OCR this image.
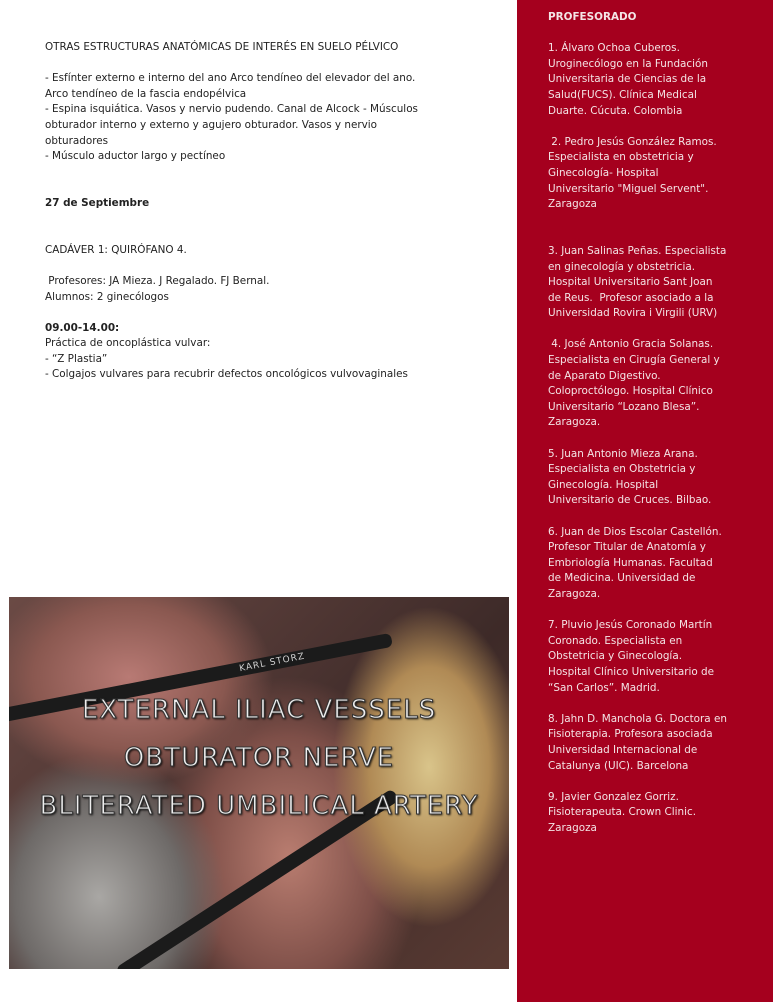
OTRAS ESTRUCTURAS ANATÓMICAS DE INTERÉS EN SUELO PÉLVICO
- Esfínter externo e interno del ano Arco tendíneo del elevador del ano.
Arco tendíneo de la fascia endopélvica
- Espina isquiática. Vasos y nervio pudendo. Canal de Alcock - Músculos
obturador interno y externo y agujero obturador. Vasos y nervio
obturadores
- Músculo aductor largo y pectíneo
27 de Septiembre
CADÁVER 1: QUIRÓFANO 4.
Profesores: JA Mieza. J Regalado. FJ Bernal.
Alumnos: 2 ginecólogos
09.00-14.00:
Práctica de oncoplástica vulvar:
- “Z Plastia”
- Colgajos vulvares para recubrir defectos oncológicos vulvovaginales
KARL STORZ
EXTERNAL ILIAC VESSELS
OBTURATOR NERVE
BLITERATED UMBILICAL ARTERY
PROFESORADO
1. Álvaro Ochoa Cuberos.
Uroginecólogo en la Fundación
Universitaria de Ciencias de la
Salud(FUCS). Clínica Medical
Duarte. Cúcuta. Colombia
2. Pedro Jesús González Ramos.
Especialista en obstetricia y
Ginecología- Hospital
Universitario "Miguel Servent".
Zaragoza
3. Juan Salinas Peñas. Especialista
en ginecología y obstetricia.
Hospital Universitario Sant Joan
de Reus.  Profesor asociado a la
Universidad Rovira i Virgili (URV)
4. José Antonio Gracia Solanas.
Especialista en Cirugía General y
de Aparato Digestivo.
Coloproctólogo. Hospital Clínico
Universitario “Lozano Blesa”.
Zaragoza.
5. Juan Antonio Mieza Arana.
Especialista en Obstetricia y
Ginecología. Hospital
Universitario de Cruces. Bilbao.
6. Juan de Dios Escolar Castellón.
Profesor Titular de Anatomía y
Embriología Humanas. Facultad
de Medicina. Universidad de
Zaragoza.
7. Pluvio Jesús Coronado Martín
Coronado. Especialista en
Obstetricia y Ginecología.
Hospital Clínico Universitario de
“San Carlos”. Madrid.
8. Jahn D. Manchola G. Doctora en
Fisioterapia. Profesora asociada
Universidad Internacional de
Catalunya (UIC). Barcelona
9. Javier Gonzalez Gorriz.
Fisioterapeuta. Crown Clinic.
Zaragoza
